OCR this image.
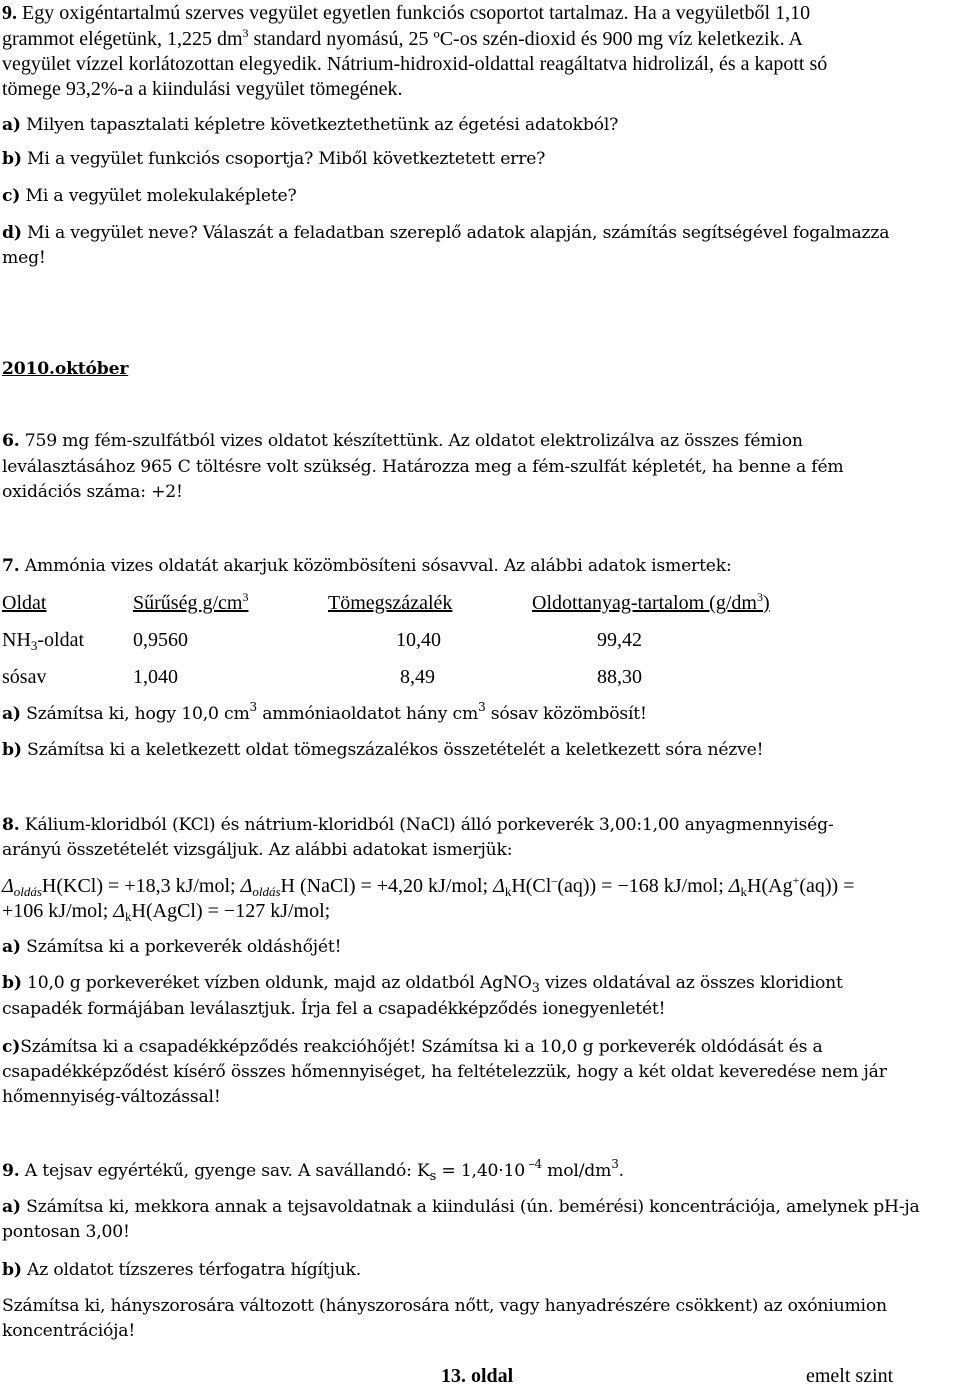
9. Egy oxigéntartalmú szerves vegyület egyetlen funkciós csoportot tartalmaz. Ha a vegyületből 1,10
grammot elégetünk, 1,225 $dm^3$ standard nyomású, 25 ºC-os szén-dioxid és 900 mg víz keletkezik. A
vegyület vízzel korlátozottan elegyedik. Nátrium-hidroxid-oldattal reagáltatva hidrolizál, és a kapott só
tömege 93,2%-a a kiindulási vegyület tömegének.
a) Milyen tapasztalati képletre következtethetünk az égetési adatokból?
b) Mi a vegyület funkciós csoportja? Miből következtetett erre?
c) Mi a vegyület molekulaképlete?
d) Mi a vegyület neve? Válaszát a feladatban szereplő adatok alapján, számítás segítségével fogalmazza
meg!
2010.október
6. 759 mg fém-szulfátból vizes oldatot készítettünk. Az oldatot elektrolizálva az összes fémion
leválasztásához 965 C töltésre volt szükség. Határozza meg a fém-szulfát képletét, ha benne a fém
oxidációs száma: +2!
7. Ammónia vizes oldatát akarjuk közömbösíteni sósavval. Az alábbi adatok ismertek:
Oldat	Sűrűség $g/cm^3$	Tömegszázalék	Oldottanyag-tartalom $(g/dm^3)$
$NH_3$-oldat 0,9560	10,40	99,42
sósav	1,040	8,49	88,30
a) Számítsa ki, hogy 10,0 $cm^3$ ammóniaoldatot hány $cm^3$ sósav közömbösít!
b) Számítsa ki a keletkezett oldat tömegszázalékos összetételét a keletkezett sóra nézve!
8. Kálium-kloridból (KCl) és nátrium-kloridból (NaCl) álló porkeverék 3,00:1,00 anyagmennyiség-
arányú összetételét vizsgáljuk. Az alábbi adatokat ismerjük:
$\Delta_{oldás}H(KCl) = +18,3$ kJ/mol; $\Delta_{oldás}H$ (NaCl) = +4,20 kJ/mol; $\Delta_kH(Cl^-(aq)) = -168$ kJ/mol; $\Delta_kH(Ag^+(aq))$ =
+106 kJ/mol; $\Delta_kH(AgCl) = -127$ kJ/mol;
a) Számítsa ki a porkeverék oldáshőjét!
b) 10,0 g porkeveréket vízben oldunk, majd az oldatból AgNO$_3$ vizes oldatával az összes kloridiont
csapadék formájában leválasztjuk. Írja fel a csapadékképződés ionegyenletét!
c)Számítsa ki a csapadékképződés reakcióhőjét! Számítsa ki a 10,0 g porkeverék oldódását és a
csapadékképződést kísérő összes hőmennyiséget, ha feltételezzük, hogy a két oldat keveredése nem jár
hőmennyiség-változással!
9. A tejsav egyértékű, gyenge sav. A savállandó: $K_s = 1,40\cdot 10$ $^{-4}$ mol/$dm^3$.
a) Számítsa ki, mekkora annak a tejsavoldatnak a kiindulási (ún. bemérési) koncentrációja, amelynek pH-ja
pontosan 3,00!
b) Az oldatot tízszeres térfogatra hígítjuk.
Számítsa ki, hányszorosára változott (hányszorosára nőtt, vagy hanyadrészére csökkent) az oxóniumion
koncentrációja!
13. oldal	emelt szint
